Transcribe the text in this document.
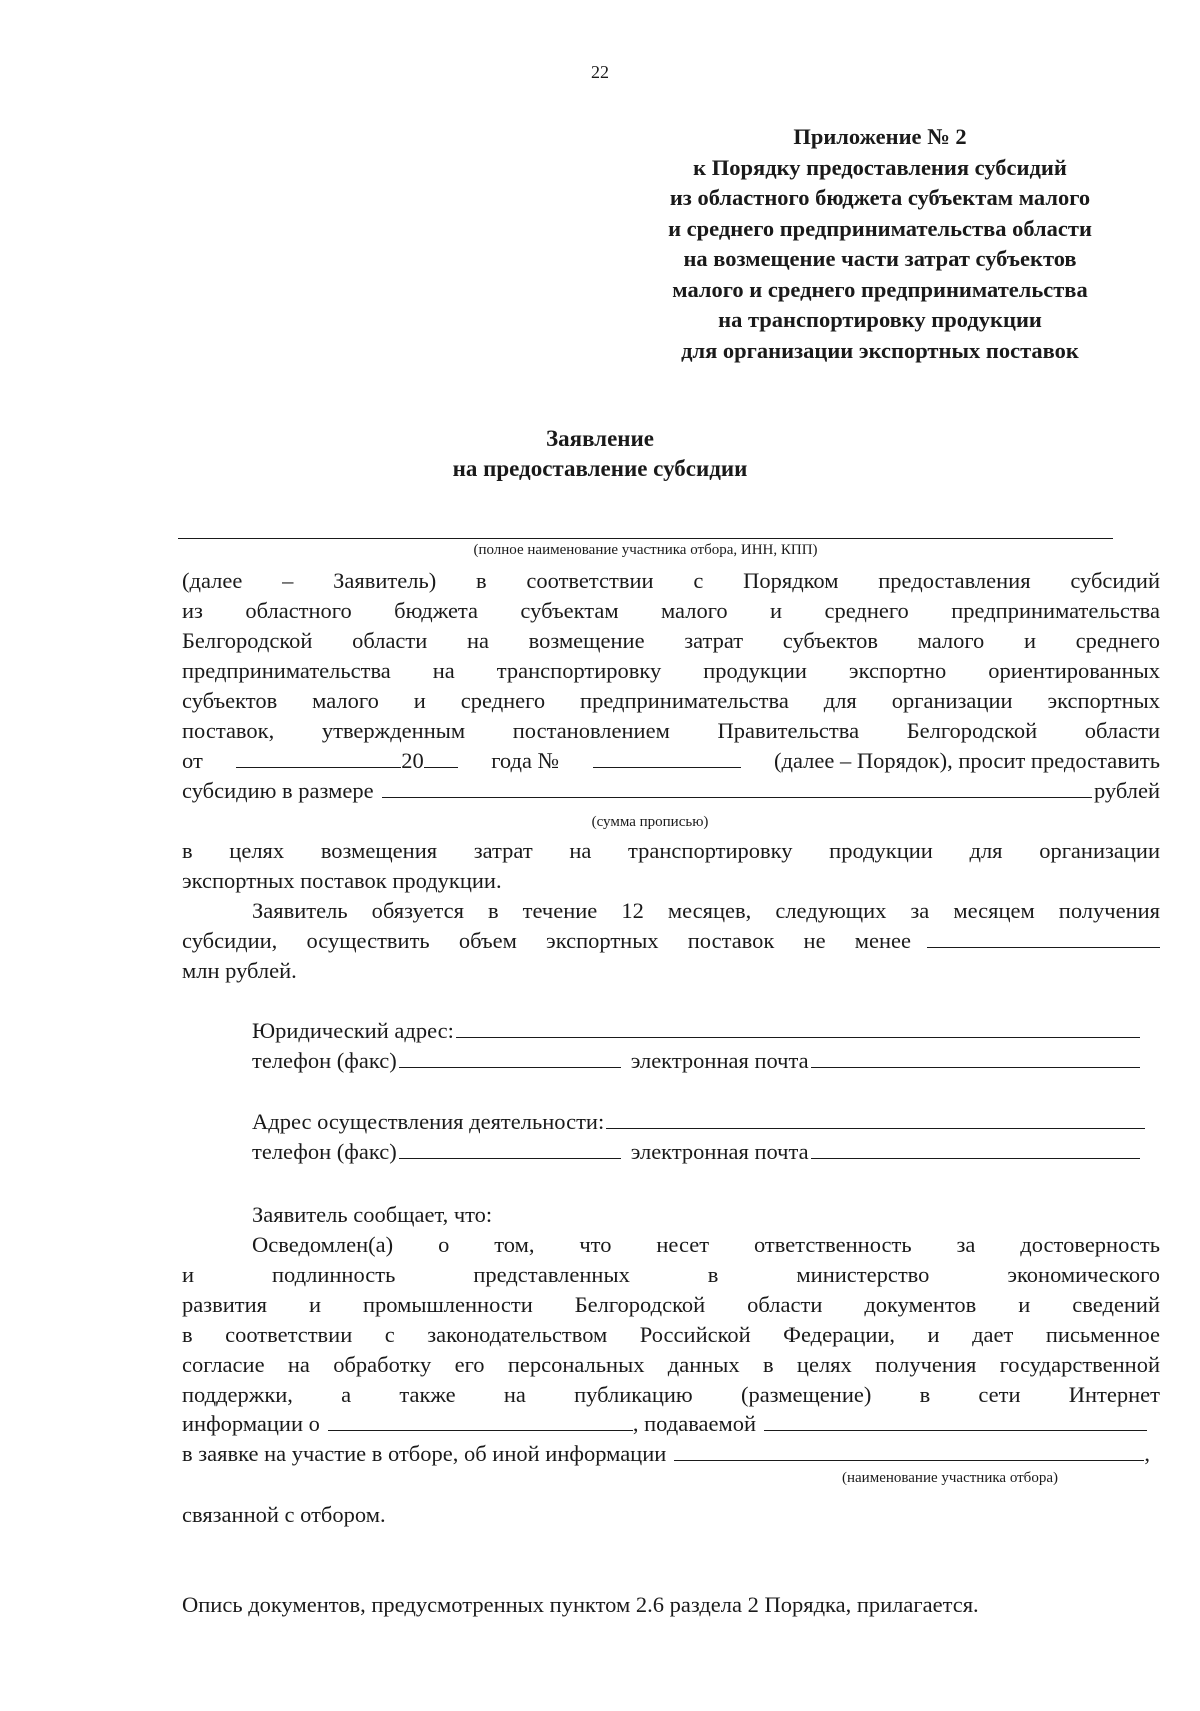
22
Приложение № 2
к Порядку предоставления субсидий
из областного бюджета субъектам малого
и среднего предпринимательства области
на возмещение части затрат субъектов
малого и среднего предпринимательства
на транспортировку продукции
для организации экспортных поставок
Заявление
на предоставление субсидии
(полное наименование участника отбора, ИНН, КПП)
(далее – Заявитель) в соответствии с Порядком предоставления субсидий
из областного бюджета субъектам малого и среднего предпринимательства
Белгородской области на возмещение затрат субъектов малого и среднего
предпринимательства на транспортировку продукции экспортно ориентированных
субъектов малого и среднего предпринимательства для организации экспортных
поставок, утвержденным постановлением Правительства Белгородской области
от	20	года №	(далее – Порядок), просит предоставить
субсидию в размере	рублей
(сумма прописью)
в целях возмещения затрат на транспортировку продукции для организации
экспортных поставок продукции.
Заявитель обязуется в течение 12 месяцев, следующих за месяцем получения
субсидии, осуществить объем экспортных поставок не менее
млн рублей.
Юридический адрес:
телефон (факс)	электронная почта
Адрес осуществления деятельности:
телефон (факс)	электронная почта
Заявитель сообщает, что:
Осведомлен(а) о том, что несет ответственность за достоверность
и подлинность представленных в министерство экономического
развития и промышленности Белгородской области документов и сведений
в соответствии с законодательством Российской Федерации, и дает письменное
согласие на обработку его персональных данных в целях получения государственной
поддержки, а также на публикацию (размещение) в сети Интернет
информации о	, подаваемой
в заявке на участие в отборе, об иной информации	,
(наименование участника отбора)
связанной с отбором.
Опись документов, предусмотренных пунктом 2.6 раздела 2 Порядка, прилагается.
